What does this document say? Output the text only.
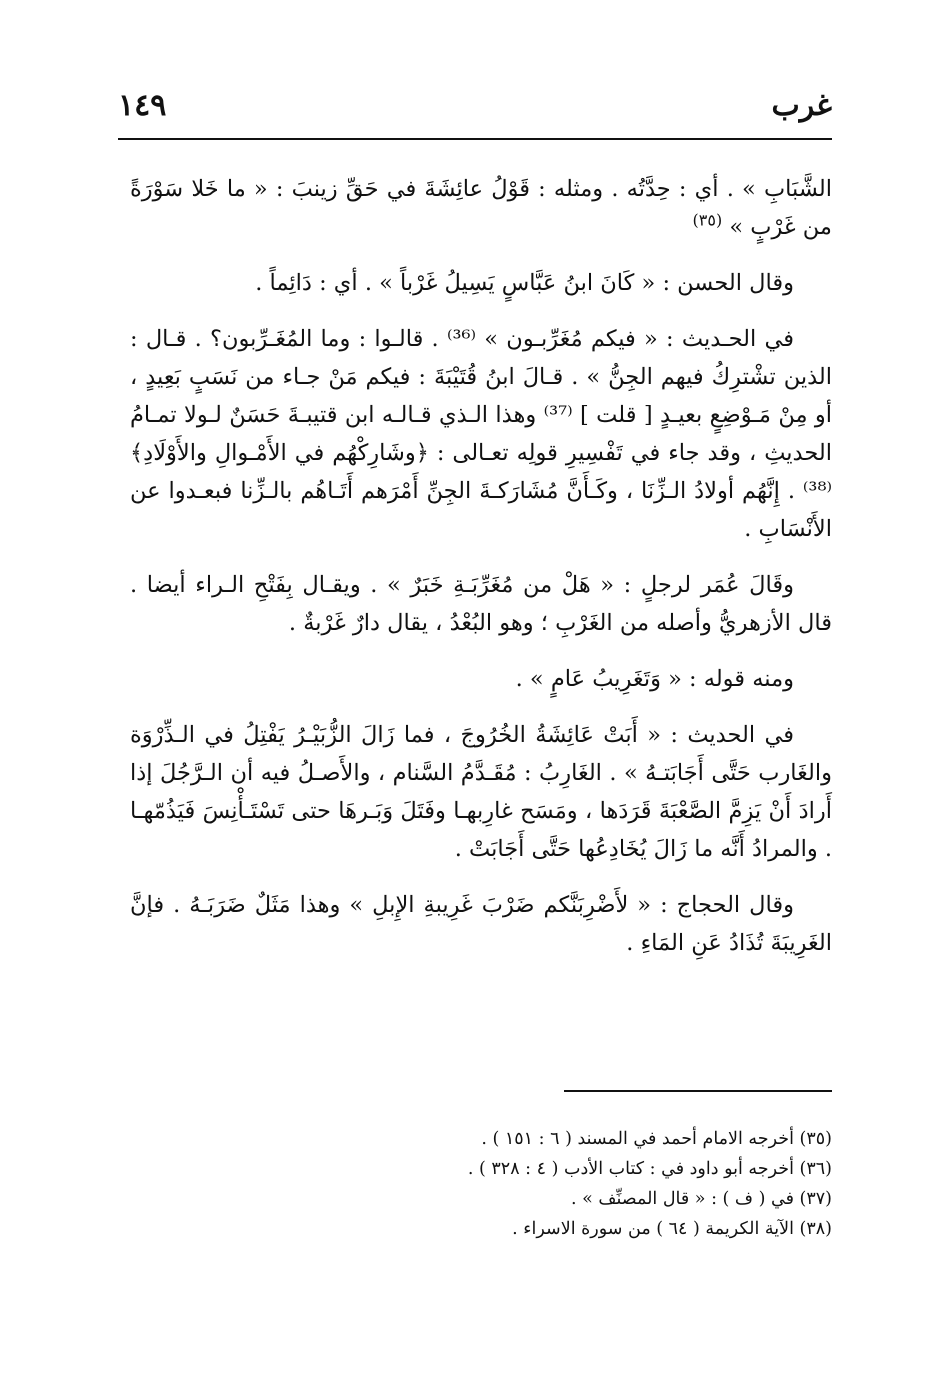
غرب
١٤٩

الشَّبَابِ » . أي : حِدَّتُه . ومثله : قَوْلُ عائِشَةَ في حَقِّ زينبَ : « ما خَلا سَوْرَةً من غَرْبٍ » $^{(٣٥)}$

وقال الحسن : « كَانَ ابنُ عَبَّاسٍ يَسِيلُ غَرْباً » . أي : دَائِماً .

في الحـديث : « فيكم مُغَرِّبـون » ⁽³⁶⁾ . قالـوا : وما المُغَـرِّبون؟ . قـال : الذين تشْترِكُ فيهم الجِنُّ » . قـالَ ابنُ قُتَيْبَةَ : فيكم مَنْ جـاء من نَسَبٍ بَعِيدٍ ، أو مِنْ مَـوْضِعٍ بعيـدٍ [ قلت ] ⁽³⁷⁾ وهذا الـذي قـالـه ابن قتيبـةَ حَسَنٌ لـولا تمـامُ الحديثِ ، وقد جاء في تَفْسِيرِ قولِه تعـالى : ﴿وشَارِكْهُم في الأَمْـوالِ والأَوْلَادِ﴾ ⁽³⁸⁾ . إِنَّهُم أولادُ الـزِّنَا ، وكَـأَنَّ مُشَارَكـةَ الجِنِّ أَمْرَهم أَتَـاهُم بالـزِّنا فبعـدوا عن الأَنْسَابِ .

وقَالَ عُمَر لرجلٍ : « هَلْ من مُغَرِّبَـةِ خَبَرٌ » . ويقـال بِفَتْحِ الـراء أيضا . قال الأزهريُّ وأصله من الغَرْبِ ؛ وهو البُعْدُ ، يقال دارٌ غَرْبةٌ .

ومنه قوله : « وَتَغَرِيبُ عَامٍ » .

في الحديث : « أَبَتْ عَائِشَةُ الخُرُوجَ ، فما زَالَ الزُّبَيْـرُ يَفْتِلُ في الـذِّرْوَة والغَارب حَتَّى أَجَابَتـهُ » . الغَارِبُ : مُقَـدَّمُ السَّنام ، والأَصـلُ فيه أن الـرَّجُلَ إذا أَرادَ أَنْ يَزِمَّ الصَّعْبَةَ قَرَدَها ، ومَسَح غارِبهـا وفَتَلَ وَبَـرهَا حتى تَسْتَـأْنِسَ فَيَذُمّهـا . والمرادُ أَنَّه ما زَالَ يُخَادِعُها حَتَّى أَجَابَتْ .

وقال الحجاج : « لأَضْرِبَنَّكم ضَرْبَ غَرِيبةِ الإِبلِ » وهذا مَثَلٌ ضَرَبَـهُ . فإنَّ الغَرِيبَةَ تُذَادُ عَنِ المَاءِ .

(٣٥) أخرجه الامام أحمد في المسند ( ٦ : ١٥١ ) .

(٣٦) أخرجه أبو داود في : كتاب الأدب ( ٤ : ٣٢٨ ) .

(٣٧) في ( ف ) : « قال المصنِّف » .

(٣٨) الآية الكريمة ( ٦٤ ) من سورة الاسراء .
